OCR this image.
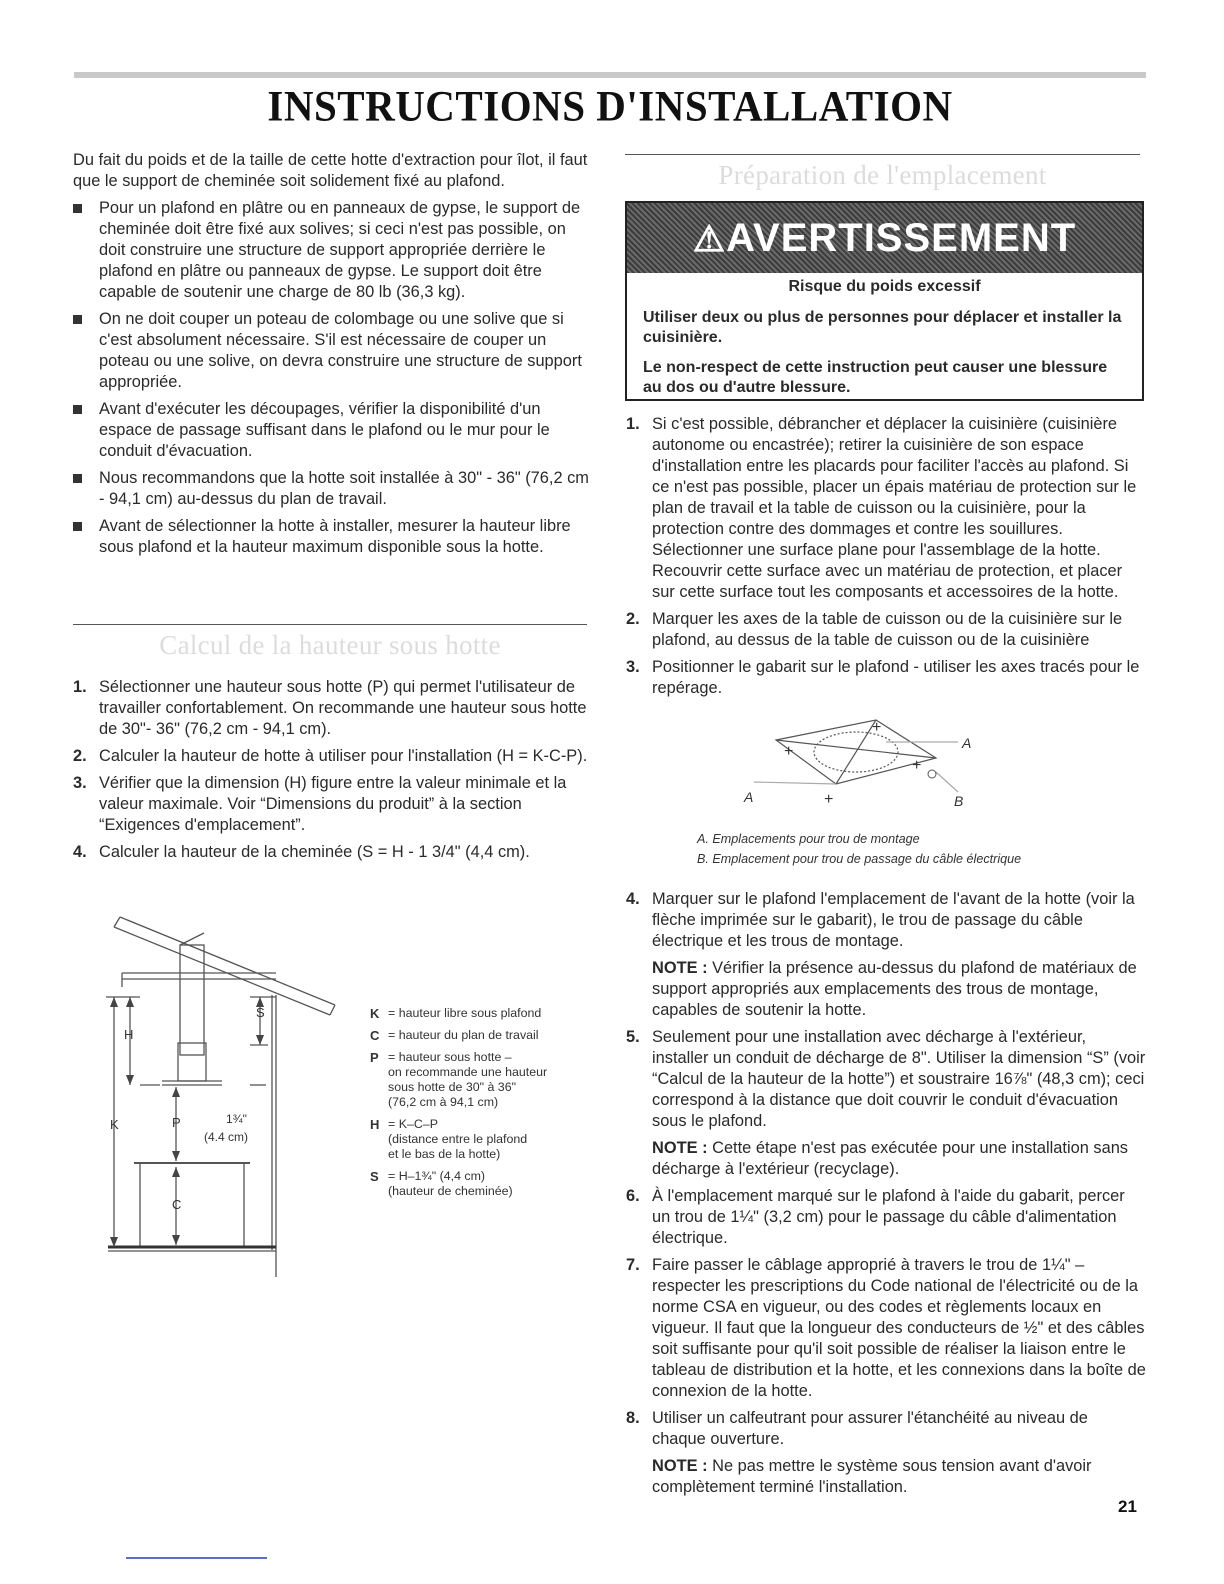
INSTRUCTIONS D'INSTALLATION

Du fait du poids et de la taille de cette hotte d'extraction pour îlot, il faut que le support de cheminée soit solidement fixé au plafond.

Pour un plafond en plâtre ou en panneaux de gypse, le support de cheminée doit être fixé aux solives; si ceci n'est pas possible, on doit construire une structure de support appropriée derrière le plafond en plâtre ou panneaux de gypse. Le support doit être capable de soutenir une charge de 80 lb (36,3 kg).
On ne doit couper un poteau de colombage ou une solive que si c'est absolument nécessaire. S'il est nécessaire de couper un poteau ou une solive, on devra construire une structure de support appropriée.
Avant d'exécuter les découpages, vérifier la disponibilité d'un espace de passage suffisant dans le plafond ou le mur pour le conduit d'évacuation.
Nous recommandons que la hotte soit installée à 30" - 36" (76,2 cm - 94,1 cm) au-dessus du plan de travail.
Avant de sélectionner la hotte à installer, mesurer la hauteur libre sous plafond et la hauteur maximum disponible sous la hotte.
Calcul de la hauteur sous hotte
1. Sélectionner une hauteur sous hotte (P) qui permet l'utilisateur de travailler confortablement. On recommande une hauteur sous hotte de 30"- 36" (76,2 cm - 94,1 cm).

2. Calculer la hauteur de hotte à utiliser pour l'installation (H = K-C-P).

3. Vérifier que la dimension (H) figure entre la valeur minimale et la valeur maximale. Voir “Dimensions du produit” à la section “Exigences d'emplacement”.

4. Calculer la hauteur de la cheminée (S = H - 1 3/4" (4,4 cm).

H
S
K	P
C
1¾"
(4.4 cm)
K = hauteur libre sous plafond
C = hauteur du plan de travail
P = hauteur sous hotte –
on recommande une hauteur
sous hotte de 30" à 36"
(76,2 cm à 94,1 cm)
H = K–C–P
(distance entre le plafond
et le bas de la hotte)
S = H–1¾" (4,4 cm)
(hauteur de cheminée)
Préparation de l'emplacement
⚠AVERTISSEMENT
Risque du poids excessif

Utiliser deux ou plus de personnes pour déplacer et installer la cuisinière.

Le non-respect de cette instruction peut causer une blessure au dos ou d'autre blessure.

1. Si c'est possible, débrancher et déplacer la cuisinière (cuisinière autonome ou encastrée); retirer la cuisinière de son espace d'installation entre les placards pour faciliter l'accès au plafond. Si ce n'est pas possible, placer un épais matériau de protection sur le plan de travail et la table de cuisson ou la cuisinière, pour la protection contre des dommages et contre les souillures. Sélectionner une surface plane pour l'assemblage de la hotte. Recouvrir cette surface avec un matériau de protection, et placer sur cette surface tout les composants et accessoires de la hotte.

2. Marquer les axes de la table de cuisson ou de la cuisinière sur le plafond, au dessus de la table de cuisson ou de la cuisinière

3. Positionner le gabarit sur le plafond - utiliser les axes tracés pour le repérage.

+
+
+
+
A
A	B
A. Emplacements pour trou de montage
B. Emplacement pour trou de passage du câble électrique
4. Marquer sur le plafond l'emplacement de l'avant de la hotte (voir la flèche imprimée sur le gabarit), le trou de passage du câble électrique et les trous de montage.

NOTE : Vérifier la présence au-dessus du plafond de matériaux de support appropriés aux emplacements des trous de montage, capables de soutenir la hotte.

5. Seulement pour une installation avec décharge à l'extérieur, installer un conduit de décharge de 8". Utiliser la dimension “S” (voir “Calcul de la hauteur de la hotte”) et soustraire 16⅞" (48,3 cm); ceci correspond à la distance que doit couvrir le conduit d'évacuation sous le plafond.

NOTE : Cette étape n'est pas exécutée pour une installation sans décharge à l'extérieur (recyclage).

6. À l'emplacement marqué sur le plafond à l'aide du gabarit, percer un trou de 1¼" (3,2 cm) pour le passage du câble d'alimentation électrique.

7. Faire passer le câblage approprié à travers le trou de 1¼" – respecter les prescriptions du Code national de l'électricité ou de la norme CSA en vigueur, ou des codes et règlements locaux en vigueur. Il faut que la longueur des conducteurs de ½" et des câbles soit suffisante pour qu'il soit possible de réaliser la liaison entre le tableau de distribution et la hotte, et les connexions dans la boîte de connexion de la hotte.

8. Utiliser un calfeutrant pour assurer l'étanchéité au niveau de chaque ouverture.

NOTE : Ne pas mettre le système sous tension avant d'avoir complètement terminé l'installation.

21
